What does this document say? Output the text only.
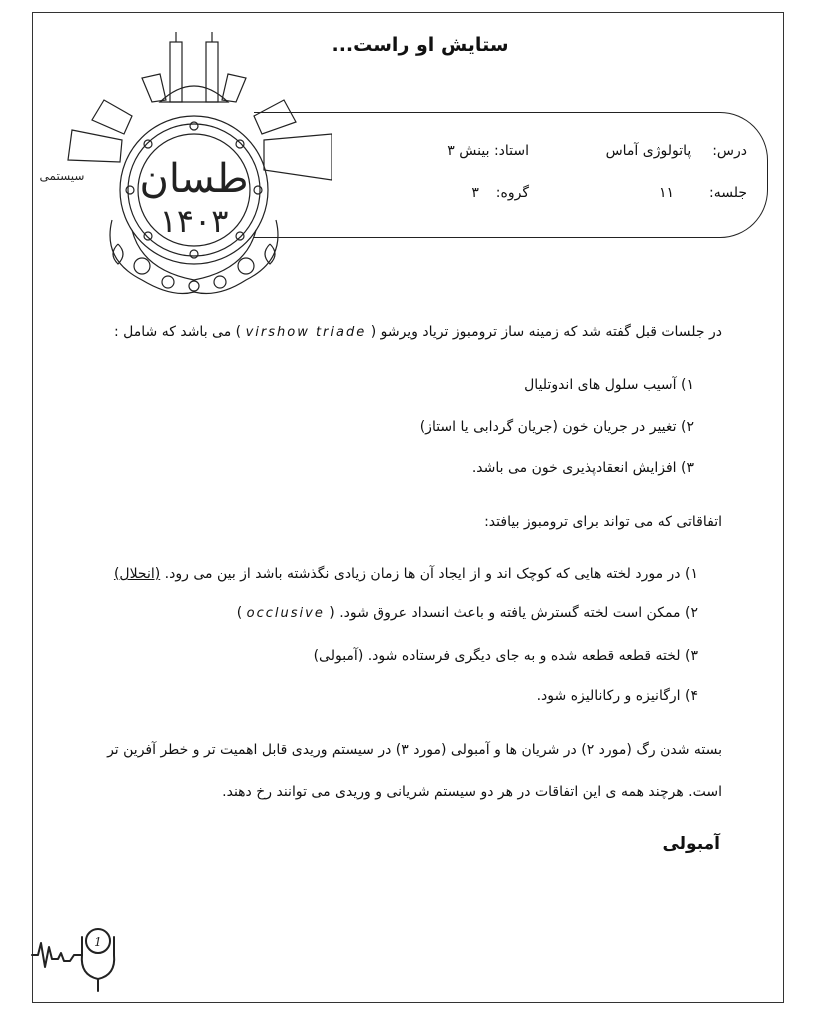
طسان
۱۴۰۳
سیستمی
ستایش او راست...
درس:  پاتولوژی آماس
استاد: بینش ۳
جلسه:  ۱۱
گروه:  ۳
در جلسات قبل گفته شد که زمینه ساز ترومبوز تریاد ویرشو ( virshow triade ) می باشد که شامل :
۱) آسیب سلول های اندوتلیال
۲) تغییر در جریان خون (جریان گردابی یا استاز)
۳) افزایش انعقادپذیری خون می باشد.
اتفاقاتی که می تواند برای ترومبوز بیافتد:
۱) در مورد لخته هایی که کوچک اند و از ایجاد آن ها زمان زیادی نگذشته باشد از بین می رود. (انحلال)
۲) ممکن است لخته گسترش یافته و باعث انسداد عروق شود. ( occlusive )
۳) لخته قطعه قطعه شده و به جای دیگری فرستاده شود. (آمبولی)
۴) ارگانیزه و رکانالیزه شود.
بسته شدن رگ (مورد ۲) در شریان ها و آمبولی (مورد ۳) در سیستم وریدی قابل اهمیت تر و خطر آفرین تر
است. هرچند همه ی این اتفاقات در هر دو سیستم شریانی و وریدی می توانند رخ دهند.
آمبولی
1
